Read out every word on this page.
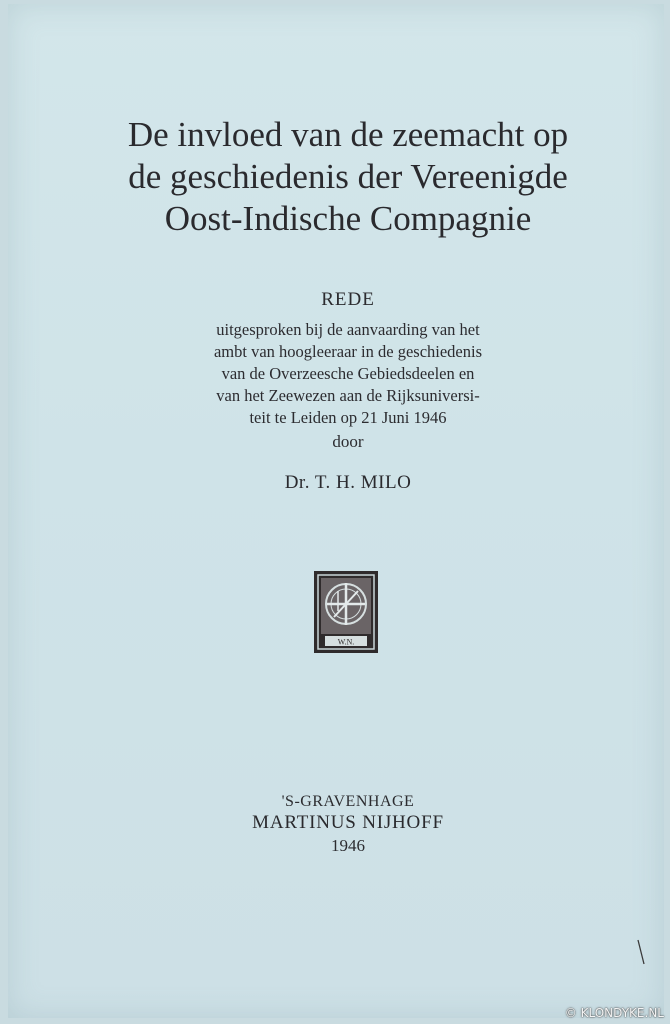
De invloed van de zeemacht op
de geschiedenis der Vereenigde
Oost-Indische Compagnie
REDE
uitgesproken bij de aanvaarding van het
ambt van hoogleeraar in de geschiedenis
van de Overzeesche Gebiedsdeelen en
van het Zeewezen aan de Rijksuniversi-
teit te Leiden op 21 Juni 1946
door
Dr. T. H. MILO
W.N.
'S-GRAVENHAGE
MARTINUS NIJHOFF
1946
© KLONDYKE.NL
